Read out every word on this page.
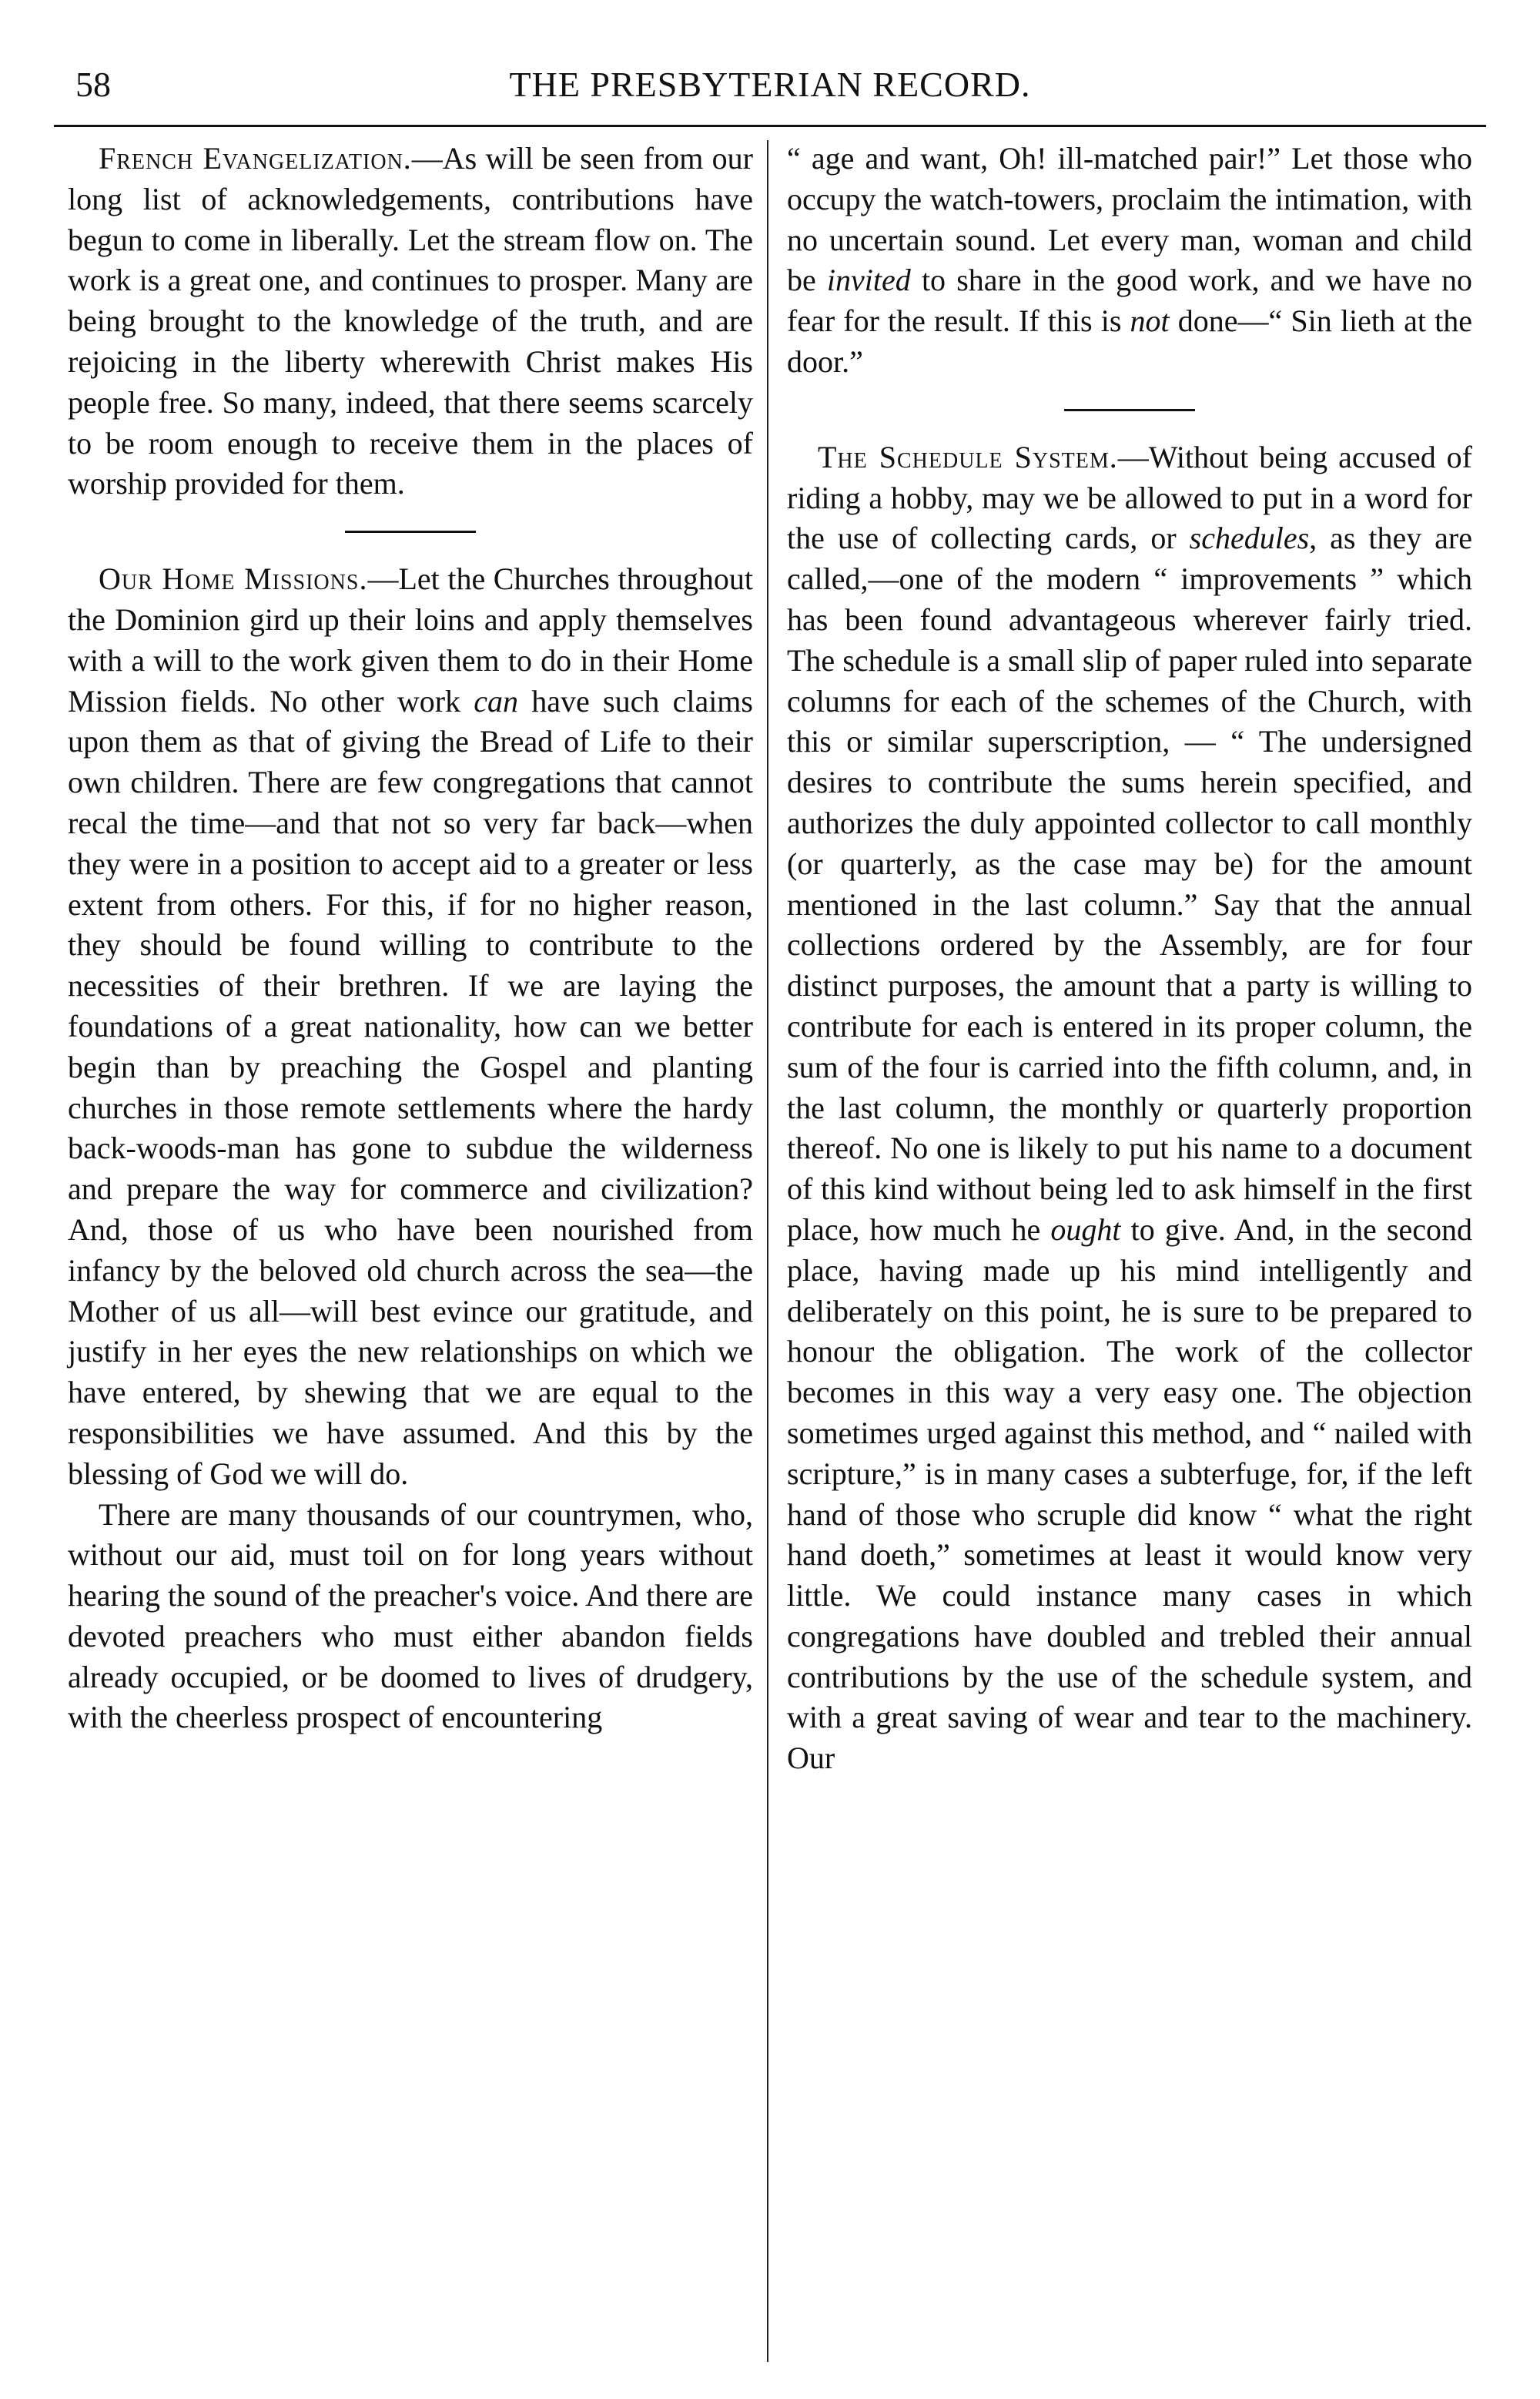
58	THE PRESBYTERIAN RECORD.

French Evangelization.—As will be seen from our long list of acknowledgements, contributions have begun to come in liberally. Let the stream flow on. The work is a great one, and continues to prosper. Many are being brought to the knowledge of the truth, and are rejoicing in the liberty wherewith Christ makes His people free. So many, indeed, that there seems scarcely to be room enough to receive them in the places of worship provided for them.

Our Home Missions.—Let the Churches throughout the Dominion gird up their loins and apply themselves with a will to the work given them to do in their Home Mission fields. No other work can have such claims upon them as that of giving the Bread of Life to their own children. There are few congregations that cannot recal the time—and that not so very far back—when they were in a position to accept aid to a greater or less extent from others. For this, if for no higher reason, they should be found willing to contribute to the necessities of their brethren. If we are laying the foundations of a great nationality, how can we better begin than by preaching the Gospel and planting churches in those remote settlements where the hardy back-woods-man has gone to subdue the wilderness and prepare the way for commerce and civilization? And, those of us who have been nourished from infancy by the beloved old church across the sea—the Mother of us all—will best evince our gratitude, and justify in her eyes the new relationships on which we have entered, by shewing that we are equal to the responsibilities we have assumed. And this by the blessing of God we will do.

There are many thousands of our countrymen, who, without our aid, must toil on for long years without hearing the sound of the preacher's voice. And there are devoted preachers who must either abandon fields already occupied, or be doomed to lives of drudgery, with the cheerless prospect of encountering

“ age and want, Oh! ill-matched pair!” Let those who occupy the watch-towers, proclaim the intimation, with no uncertain sound. Let every man, woman and child be invited to share in the good work, and we have no fear for the result. If this is not done—“ Sin lieth at the door.”

The Schedule System.—Without being accused of riding a hobby, may we be allowed to put in a word for the use of collecting cards, or schedules, as they are called,—one of the modern “ improvements ” which has been found advantageous wherever fairly tried. The schedule is a small slip of paper ruled into separate columns for each of the schemes of the Church, with this or similar superscription, — “ The undersigned desires to contribute the sums herein specified, and authorizes the duly appointed collector to call monthly (or quarterly, as the case may be) for the amount mentioned in the last column.” Say that the annual collections ordered by the Assembly, are for four distinct purposes, the amount that a party is willing to contribute for each is entered in its proper column, the sum of the four is carried into the fifth column, and, in the last column, the monthly or quarterly proportion thereof. No one is likely to put his name to a document of this kind without being led to ask himself in the first place, how much he ought to give. And, in the second place, having made up his mind intelligently and deliberately on this point, he is sure to be prepared to honour the obligation. The work of the collector becomes in this way a very easy one. The objection sometimes urged against this method, and “ nailed with scripture,” is in many cases a subterfuge, for, if the left hand of those who scruple did know “ what the right hand doeth,” sometimes at least it would know very little. We could instance many cases in which congregations have doubled and trebled their annual contributions by the use of the schedule system, and with a great saving of wear and tear to the machinery. Our
